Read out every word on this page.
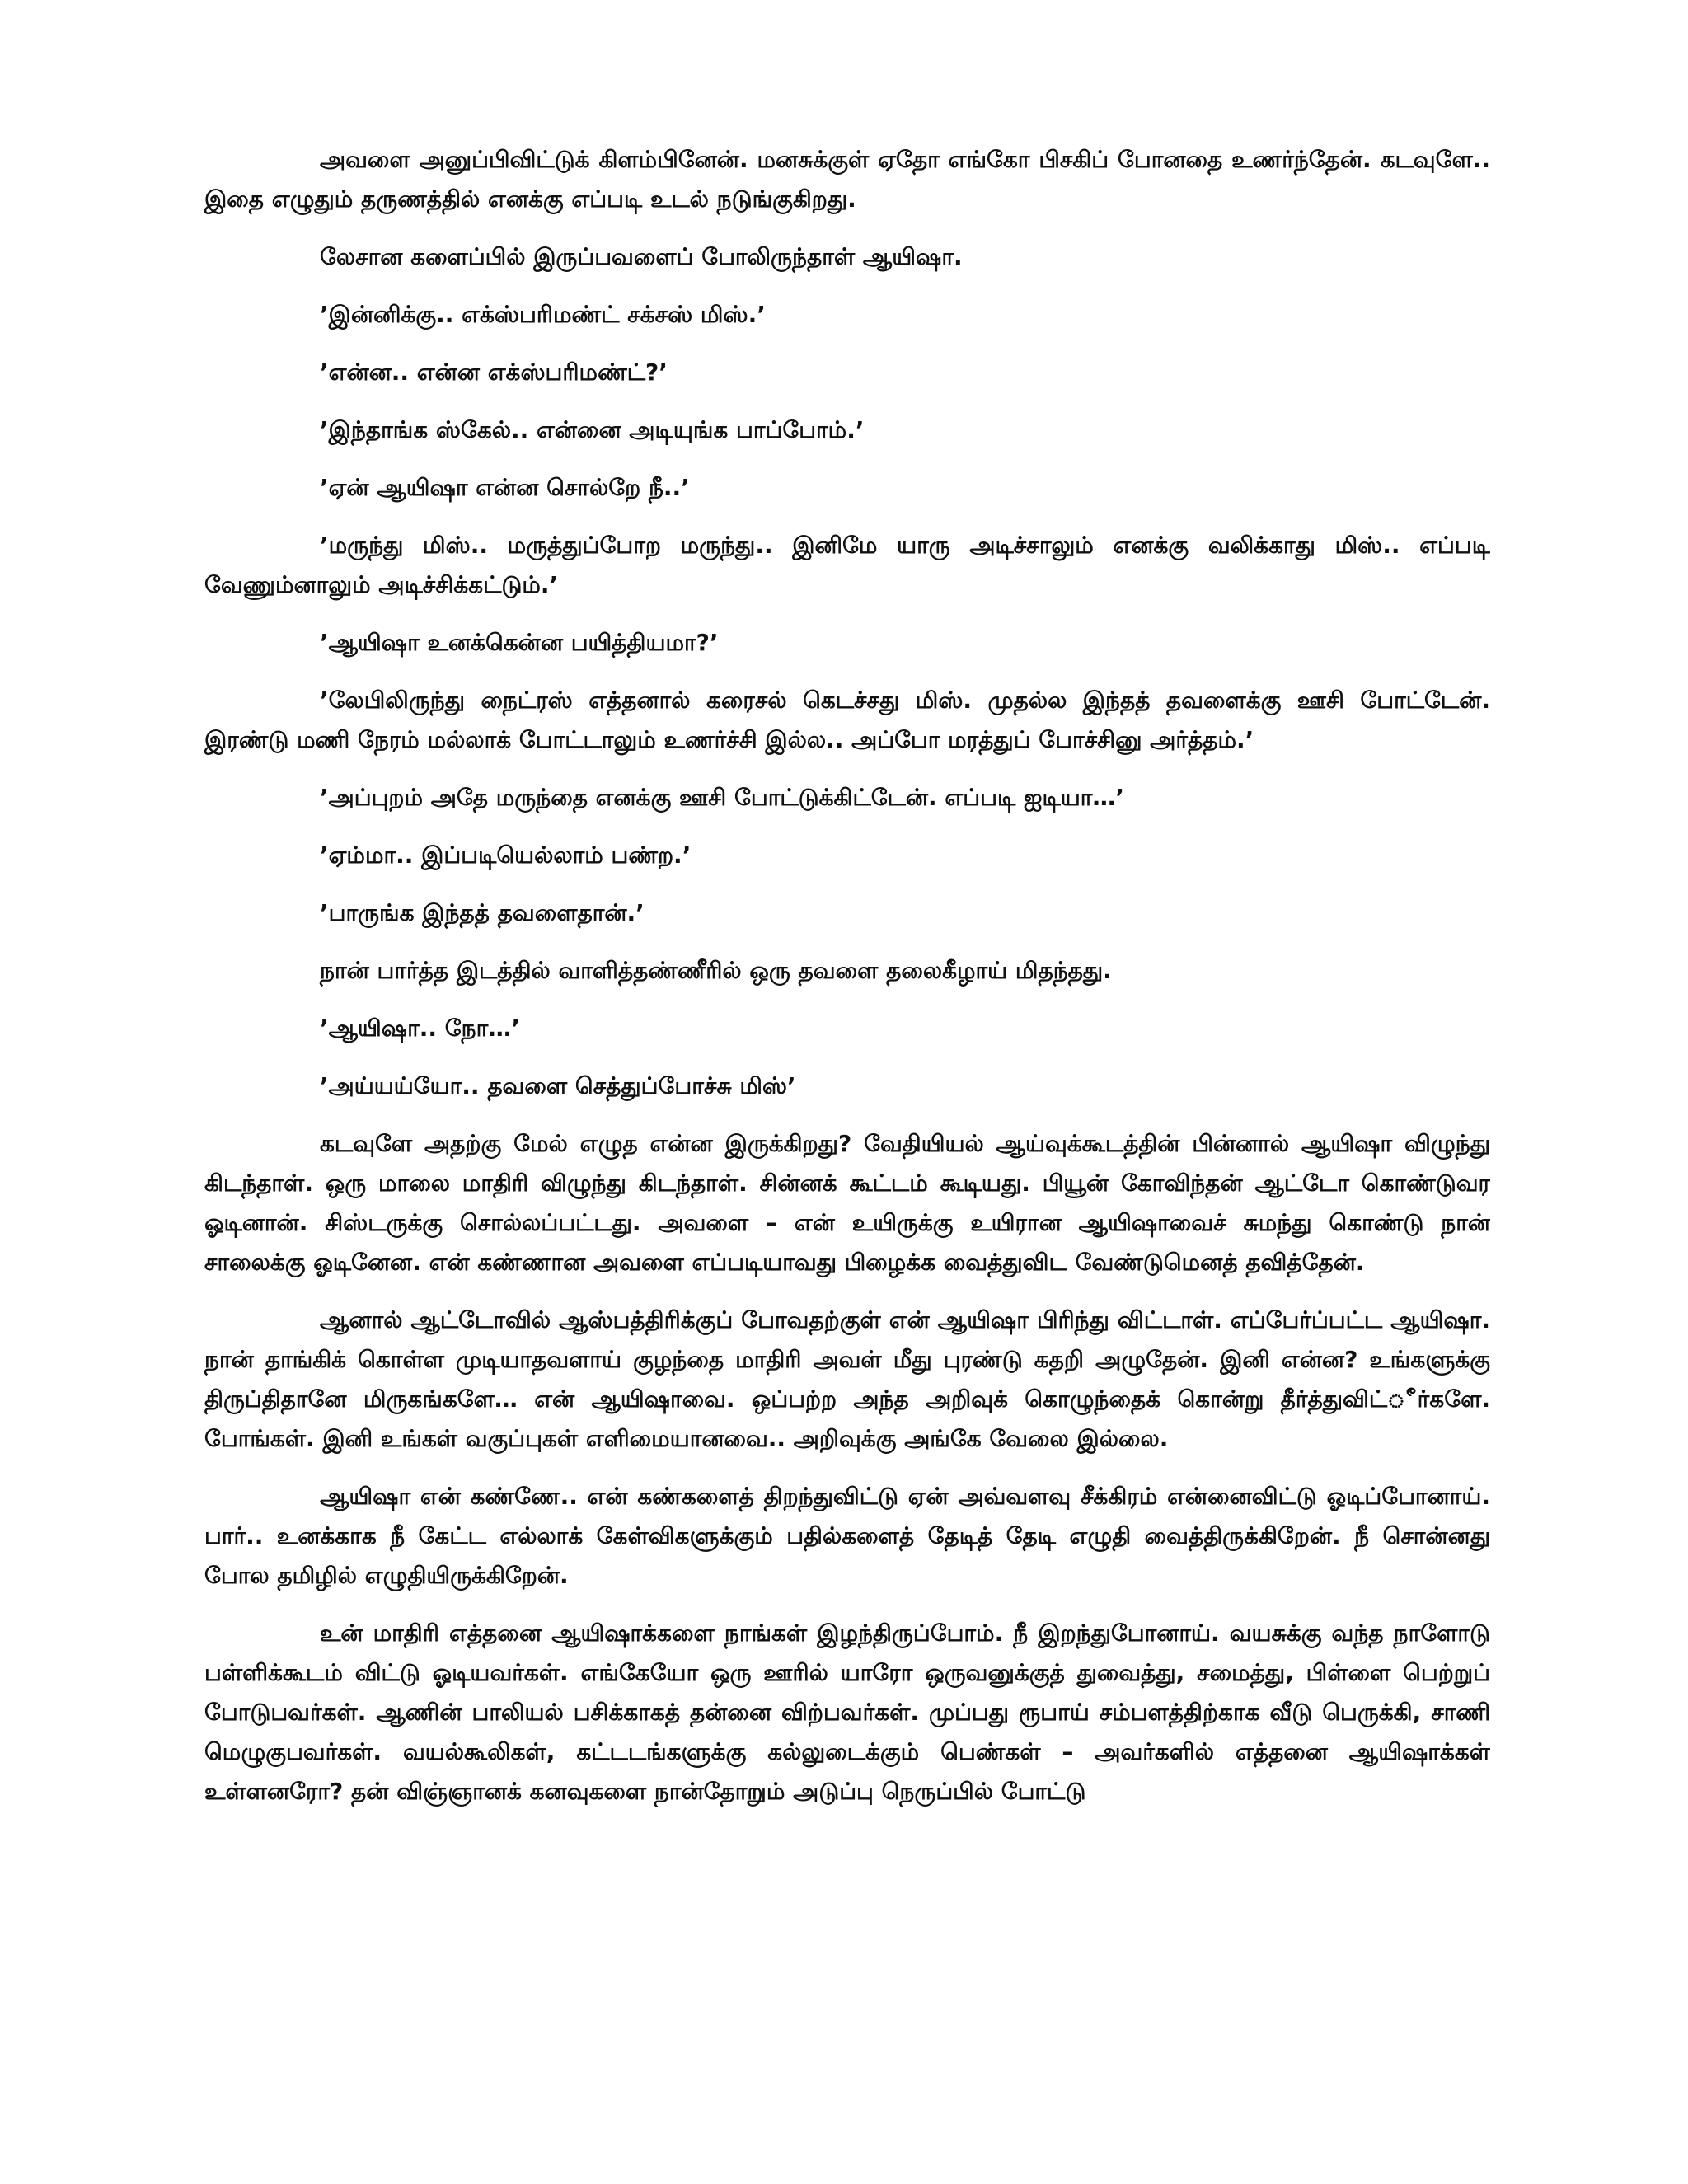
அவளை அனுப்பிவிட்டுக் கிளம்பினேன். மனசுக்குள் ஏதோ எங்கோ பிசகிப் போனதை உணர்ந்தேன். கடவுளே.. இதை எழுதும் தருணத்தில் எனக்கு எப்படி உடல் நடுங்குகிறது.

லேசான களைப்பில் இருப்பவளைப் போலிருந்தாள் ஆயிஷா.

’இன்னிக்கு.. எக்ஸ்பரிமண்ட் சக்சஸ் மிஸ்.’

’என்ன.. என்ன எக்ஸ்பரிமண்ட்?’

’இந்தாங்க ஸ்கேல்.. என்னை அடியுங்க பாப்போம்.’

’ஏன் ஆயிஷா என்ன சொல்றே நீ..’

’மருந்து மிஸ்.. மருத்துப்போற மருந்து.. இனிமே யாரு அடிச்சாலும் எனக்கு வலிக்காது மிஸ்.. எப்படி வேணும்னாலும் அடிச்சிக்கட்டும்.’

’ஆயிஷா உனக்கென்ன பயித்தியமா?’

’லேபிலிருந்து நைட்ரஸ் எத்தனால் கரைசல் கெடச்சது மிஸ். முதல்ல இந்தத் தவளைக்கு ஊசி போட்டேன். இரண்டு மணி நேரம் மல்லாக் போட்டாலும் உணர்ச்சி இல்ல.. அப்போ மரத்துப் போச்சினு அர்த்தம்.’

’அப்புறம் அதே மருந்தை எனக்கு ஊசி போட்டுக்கிட்டேன். எப்படி ஐடியா…’

’ஏம்மா.. இப்படியெல்லாம் பண்ற.’

’பாருங்க இந்தத் தவளைதான்.’

நான் பார்த்த இடத்தில் வாளித்தண்ணீரில் ஒரு தவளை தலைகீழாய் மிதந்தது.

’ஆயிஷா.. நோ…’

’அய்யய்யோ.. தவளை செத்துப்போச்சு மிஸ்’

கடவுளே அதற்கு மேல் எழுத என்ன இருக்கிறது? வேதியியல் ஆய்வுக்கூடத்தின் பின்னால் ஆயிஷா விழுந்து கிடந்தாள். ஒரு மாலை மாதிரி விழுந்து கிடந்தாள். சின்னக் கூட்டம் கூடியது. பியூன் கோவிந்தன் ஆட்டோ கொண்டுவர ஓடினான். சிஸ்டருக்கு சொல்லப்பட்டது. அவளை – என் உயிருக்கு உயிரான ஆயிஷாவைச் சுமந்து கொண்டு நான் சாலைக்கு ஓடினேன. என் கண்ணான அவளை எப்படியாவது பிழைக்க வைத்துவிட வேண்டுமெனத் தவித்தேன்.

ஆனால் ஆட்டோவில் ஆஸ்பத்திரிக்குப் போவதற்குள் என் ஆயிஷா பிரிந்து விட்டாள். எப்பேர்ப்பட்ட ஆயிஷா. நான் தாங்கிக் கொள்ள முடியாதவளாய் குழந்தை மாதிரி அவள் மீது புரண்டு கதறி அழுதேன். இனி என்ன? உங்களுக்கு திருப்திதானே மிருகங்களே… என் ஆயிஷாவை. ஒப்பற்ற அந்த அறிவுக் கொழுந்தைக் கொன்று தீர்த்துவிட்ீர்களே. போங்கள். இனி உங்கள் வகுப்புகள் எளிமையானவை.. அறிவுக்கு அங்கே வேலை இல்லை.

ஆயிஷா என் கண்ணே.. என் கண்களைத் திறந்துவிட்டு ஏன் அவ்வளவு சீக்கிரம் என்னைவிட்டு ஓடிப்போனாய். பார்.. உனக்காக நீ கேட்ட எல்லாக் கேள்விகளுக்கும் பதில்களைத் தேடித் தேடி எழுதி வைத்திருக்கிறேன். நீ சொன்னது போல தமிழில் எழுதியிருக்கிறேன்.

உன் மாதிரி எத்தனை ஆயிஷாக்களை நாங்கள் இழந்திருப்போம். நீ இறந்துபோனாய். வயசுக்கு வந்த நாளோடு பள்ளிக்கூடம் விட்டு ஓடியவர்கள். எங்கேயோ ஒரு ஊரில் யாரோ ஒருவனுக்குத் துவைத்து, சமைத்து, பிள்ளை பெற்றுப் போடுபவர்கள். ஆணின் பாலியல் பசிக்காகத் தன்னை விற்பவர்கள். முப்பது ரூபாய் சம்பளத்திற்காக வீடு பெருக்கி, சாணி மெழுகுபவர்கள். வயல்கூலிகள், கட்டடங்களுக்கு கல்லுடைக்கும் பெண்கள் – அவர்களில் எத்தனை ஆயிஷாக்கள் உள்ளனரோ? தன் விஞ்ஞானக் கனவுகளை நான்தோறும் அடுப்பு நெருப்பில் போட்டு
